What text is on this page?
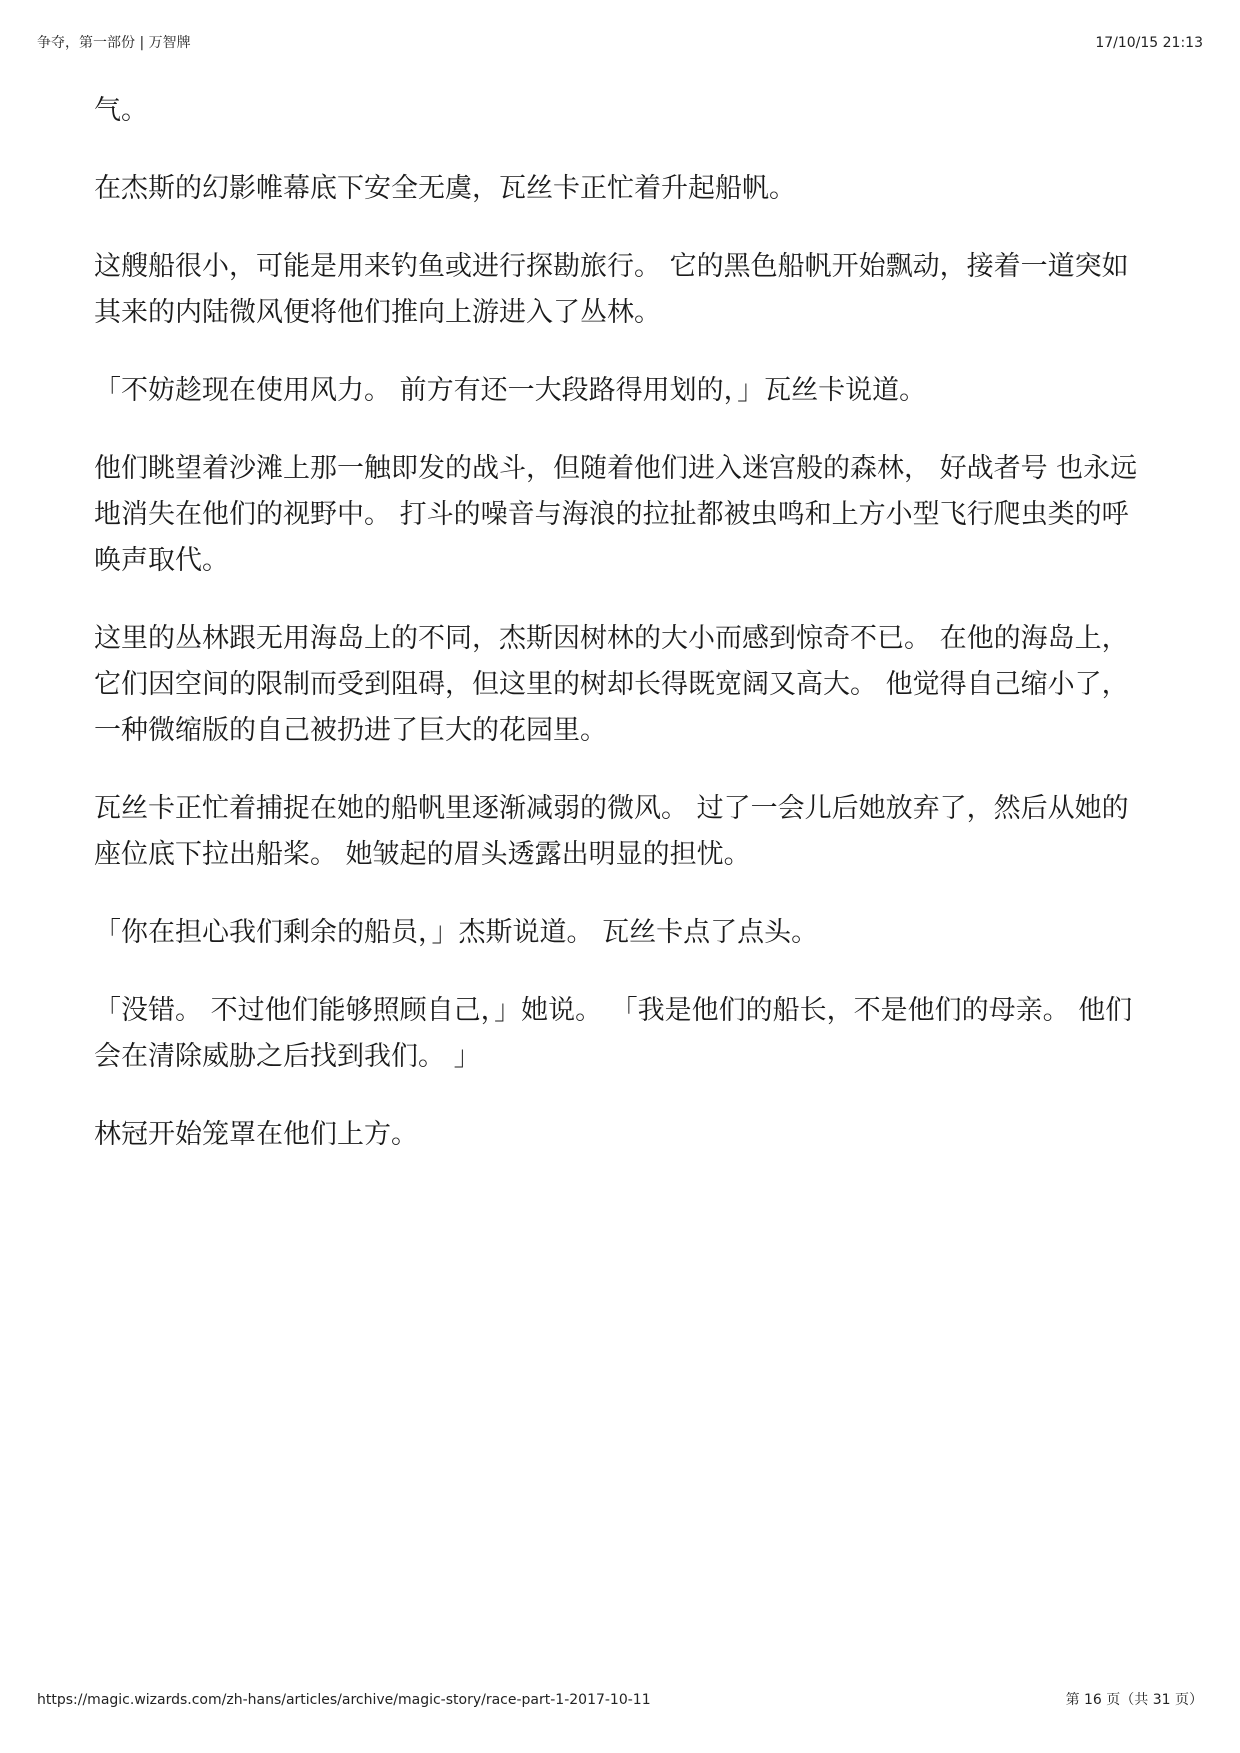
争夺，第一部份 | 万智牌	17/10/15 21:13

气。

在杰斯的幻影帷幕底下安全无虞，瓦丝卡正忙着升起船帆。

这艘船很小，可能是用来钓鱼或进行探勘旅行。 它的黑色船帆开始飘动，接着一道突如其来的内陆微风便将他们推向上游进入了丛林。

「不妨趁现在使用风力。 前方有还一大段路得用划的，」瓦丝卡说道。

他们眺望着沙滩上那一触即发的战斗，但随着他们进入迷宫般的森林， 好战者号 也永远地消失在他们的视野中。 打斗的噪音与海浪的拉扯都被虫鸣和上方小型飞行爬虫类的呼唤声取代。

这里的丛林跟无用海岛上的不同，杰斯因树林的大小而感到惊奇不已。 在他的海岛上，它们因空间的限制而受到阻碍，但这里的树却长得既宽阔又高大。 他觉得自己缩小了，一种微缩版的自己被扔进了巨大的花园里。

瓦丝卡正忙着捕捉在她的船帆里逐渐减弱的微风。 过了一会儿后她放弃了，然后从她的座位底下拉出船桨。 她皱起的眉头透露出明显的担忧。

「你在担心我们剩余的船员，」杰斯说道。 瓦丝卡点了点头。

「没错。 不过他们能够照顾自己，」她说。 「我是他们的船长，不是他们的母亲。 他们会在清除威胁之后找到我们。 」

林冠开始笼罩在他们上方。

https://magic.wizards.com/zh-hans/articles/archive/magic-story/race-part-1-2017-10-11	第 16 页（共 31 页）
